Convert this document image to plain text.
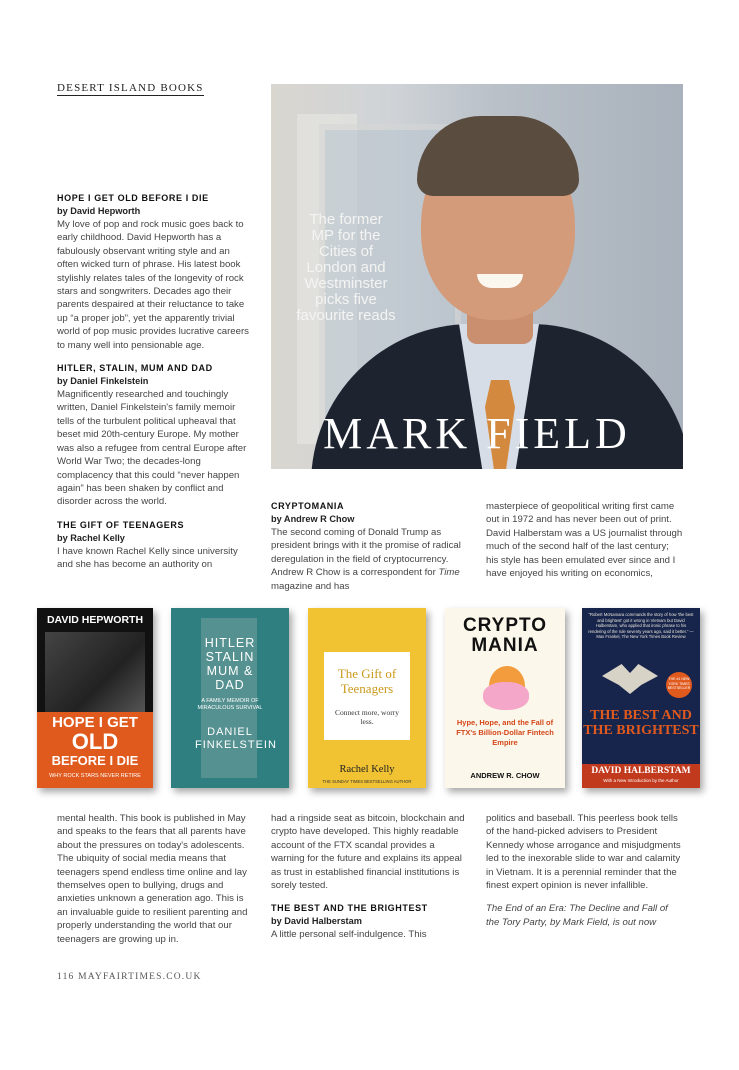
DESERT ISLAND BOOKS
HOPE I GET OLD BEFORE I DIE
by David Hepworth

My love of pop and rock music goes back to early childhood. David Hepworth has a fabulously observant writing style and an often wicked turn of phrase. His latest book stylishly relates tales of the longevity of rock stars and songwriters. Decades ago their parents despaired at their reluctance to take up “a proper job”, yet the apparently trivial world of pop music provides lucrative careers to many well into pensionable age.

HITLER, STALIN, MUM AND DAD
by Daniel Finkelstein

Magnificently researched and touchingly written, Daniel Finkelstein's family memoir tells of the turbulent political upheaval that beset mid 20th-century Europe. My mother was also a refugee from central Europe after World War Two; the decades-long complacency that this could “never happen again” has been shaken by conflict and disorder across the world.

THE GIFT OF TEENAGERS
by Rachel Kelly

I have known Rachel Kelly since university and she has become an authority on

The former MP for the Cities of London and Westminster picks five favourite reads
MARK FIELD
CRYPTOMANIA
by Andrew R Chow

The second coming of Donald Trump as president brings with it the promise of radical deregulation in the field of cryptocurrency. Andrew R Chow is a correspondent for Time magazine and has

masterpiece of geopolitical writing first came out in 1972 and has never been out of print. David Halberstam was a US journalist through much of the second half of the last century; his style has been emulated ever since and I have enjoyed his writing on economics,

DAVID HEPWORTH
HOPE I GET
OLD
BEFORE I DIE
WHY ROCK STARS NEVER RETIRE
HITLER STALIN MUM & DAD
A FAMILY MEMOIR OF MIRACULOUS SURVIVAL
DANIEL FINKELSTEIN
The Gift of Teenagers
Connect more, worry less.
Rachel Kelly
THE SUNDAY TIMES BESTSELLING AUTHOR
CRYPTO
MANIA
Hype, Hope, and the Fall of FTX's Billion-Dollar Fintech Empire
ANDREW R. CHOW
“Robert McNamara commands the story of how 'the best and brightest' got it wrong in Vietnam but David Halberstam, who applied that ironic phrase to his rendering of the rule seventy years ago, said it better.” —Max Frankel, The New York Times Book Review
THE #1 NEW YORK TIMES BESTSELLER
THE BEST AND THE BRIGHTEST
DAVID HALBERSTAM
With a New Introduction by the Author

mental health. This book is published in May and speaks to the fears that all parents have about the pressures on today's adolescents. The ubiquity of social media means that teenagers spend endless time online and lay themselves open to bullying, drugs and anxieties unknown a generation ago. This is an invaluable guide to resilient parenting and properly understanding the world that our teenagers are growing up in.

had a ringside seat as bitcoin, blockchain and crypto have developed. This highly readable account of the FTX scandal provides a warning for the future and explains its appeal as trust in established financial institutions is sorely tested.

THE BEST AND THE BRIGHTEST
by David Halberstam

A little personal self-indulgence. This

politics and baseball. This peerless book tells of the hand-picked advisers to President Kennedy whose arrogance and misjudgments led to the inexorable slide to war and calamity in Vietnam. It is a perennial reminder that the finest expert opinion is never infallible.

The End of an Era: The Decline and Fall of the Tory Party, by Mark Field, is out now

116 MAYFAIRTIMES.CO.UK
